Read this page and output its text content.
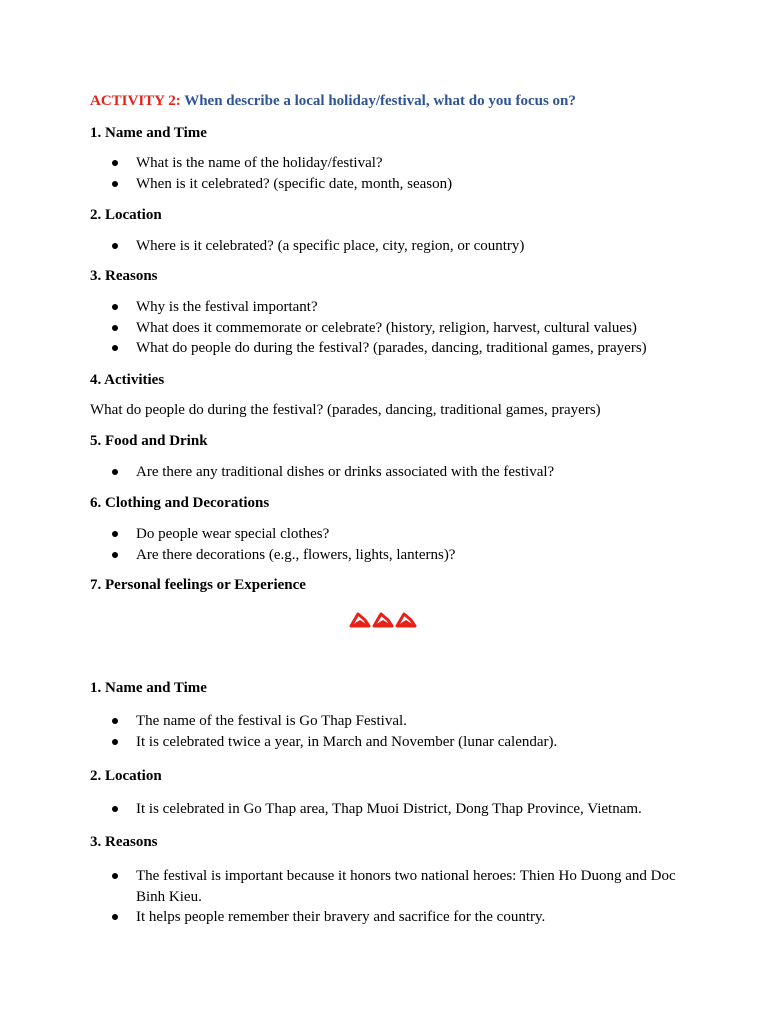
ACTIVITY 2: When describe a local holiday/festival, what do you focus on?
1. Name and Time
What is the name of the holiday/festival?
When is it celebrated? (specific date, month, season)
2. Location
Where is it celebrated? (a specific place, city, region, or country)
3. Reasons
Why is the festival important?
What does it commemorate or celebrate? (history, religion, harvest, cultural values)
What do people do during the festival? (parades, dancing, traditional games, prayers)
4. Activities
What do people do during the festival? (parades, dancing, traditional games, prayers)
5. Food and Drink
Are there any traditional dishes or drinks associated with the festival?
6. Clothing and Decorations
Do people wear special clothes?
Are there decorations (e.g., flowers, lights, lanterns)?
7. Personal feelings or Experience
1. Name and Time
The name of the festival is Go Thap Festival.
It is celebrated twice a year, in March and November (lunar calendar).
2. Location
It is celebrated in Go Thap area, Thap Muoi District, Dong Thap Province, Vietnam.
3. Reasons
The festival is important because it honors two national heroes: Thien Ho Duong and Doc
Binh Kieu.
It helps people remember their bravery and sacrifice for the country.
